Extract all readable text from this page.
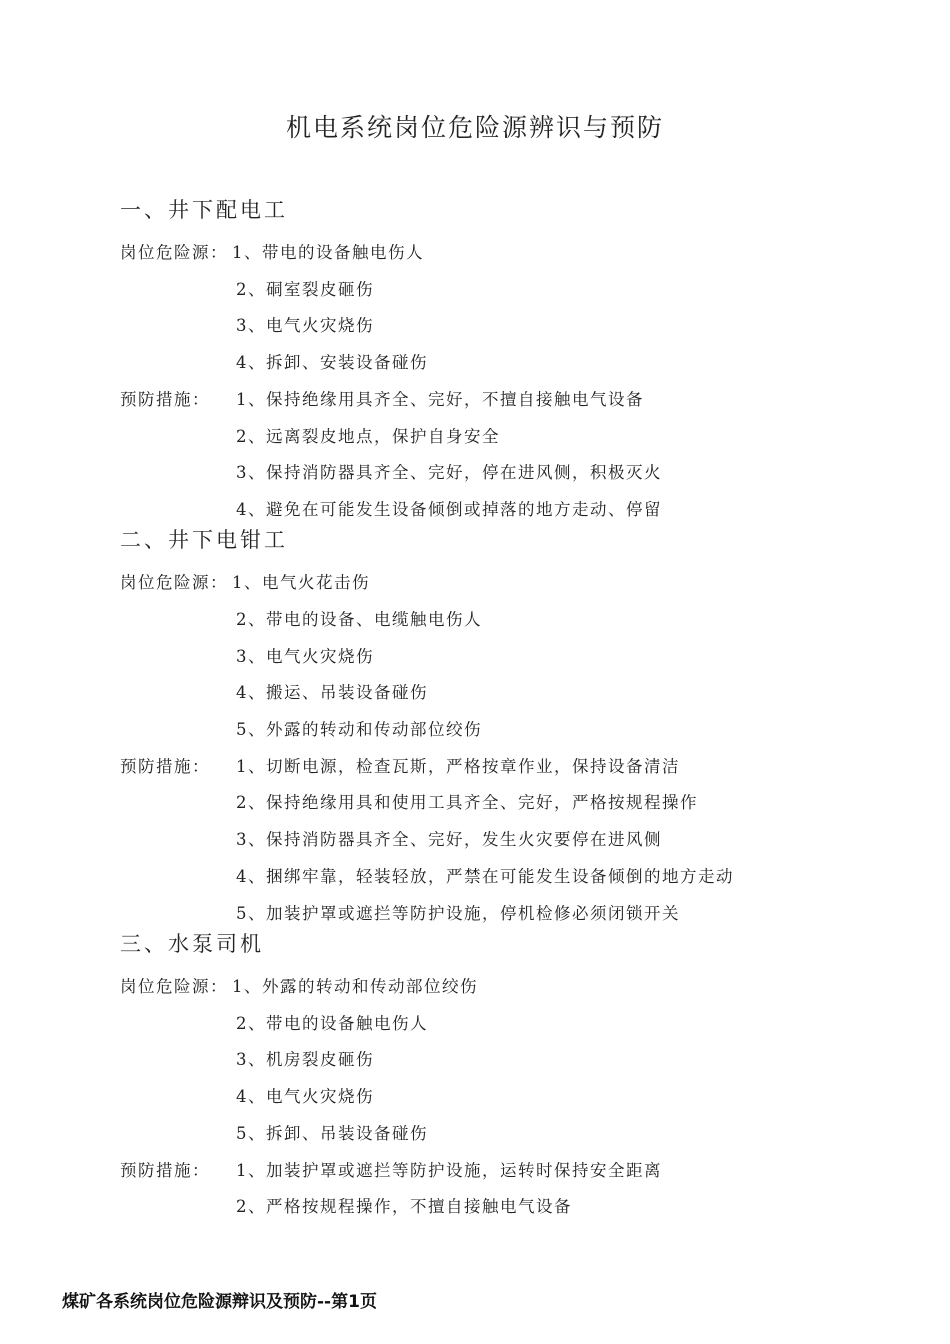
机电系统岗位危险源辨识与预防
一、井下配电工
岗位危险源： 1、带电的设备触电伤人
2、硐室裂皮砸伤
3、电气火灾烧伤
4、拆卸、安装设备碰伤
预防措施： 1、保持绝缘用具齐全、完好，不擅自接触电气设备
2、远离裂皮地点，保护自身安全
3、保持消防器具齐全、完好，停在进风侧，积极灭火
4、避免在可能发生设备倾倒或掉落的地方走动、停留
二、井下电钳工
岗位危险源： 1、电气火花击伤
2、带电的设备、电缆触电伤人
3、电气火灾烧伤
4、搬运、吊装设备碰伤
5、外露的转动和传动部位绞伤
预防措施： 1、切断电源，检查瓦斯，严格按章作业，保持设备清洁
2、保持绝缘用具和使用工具齐全、完好，严格按规程操作
3、保持消防器具齐全、完好，发生火灾要停在进风侧
4、捆绑牢靠，轻装轻放，严禁在可能发生设备倾倒的地方走动
5、加装护罩或遮拦等防护设施，停机检修必须闭锁开关
三、水泵司机
岗位危险源： 1、外露的转动和传动部位绞伤
2、带电的设备触电伤人
3、机房裂皮砸伤
4、电气火灾烧伤
5、拆卸、吊装设备碰伤
预防措施： 1、加装护罩或遮拦等防护设施，运转时保持安全距离
2、严格按规程操作，不擅自接触电气设备
煤矿各系统岗位危险源辩识及预防--第1页
